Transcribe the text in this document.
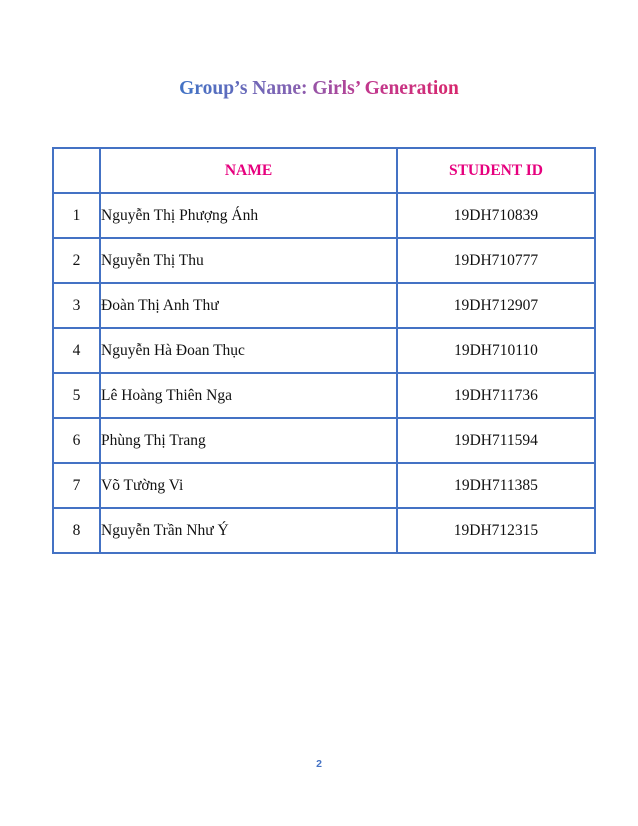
Group’s Name: Girls’ Generation
	NAME	STUDENT ID
1	Nguyễn Thị Phượng Ánh	19DH710839
2	Nguyễn Thị Thu	19DH710777
3	Đoàn Thị Anh Thư	19DH712907
4	Nguyễn Hà Đoan Thục	19DH710110
5	Lê Hoàng Thiên Nga	19DH711736
6	Phùng Thị Trang	19DH711594
7	Võ Tường Vi	19DH711385
8	Nguyễn Trần Như Ý	19DH712315
2
